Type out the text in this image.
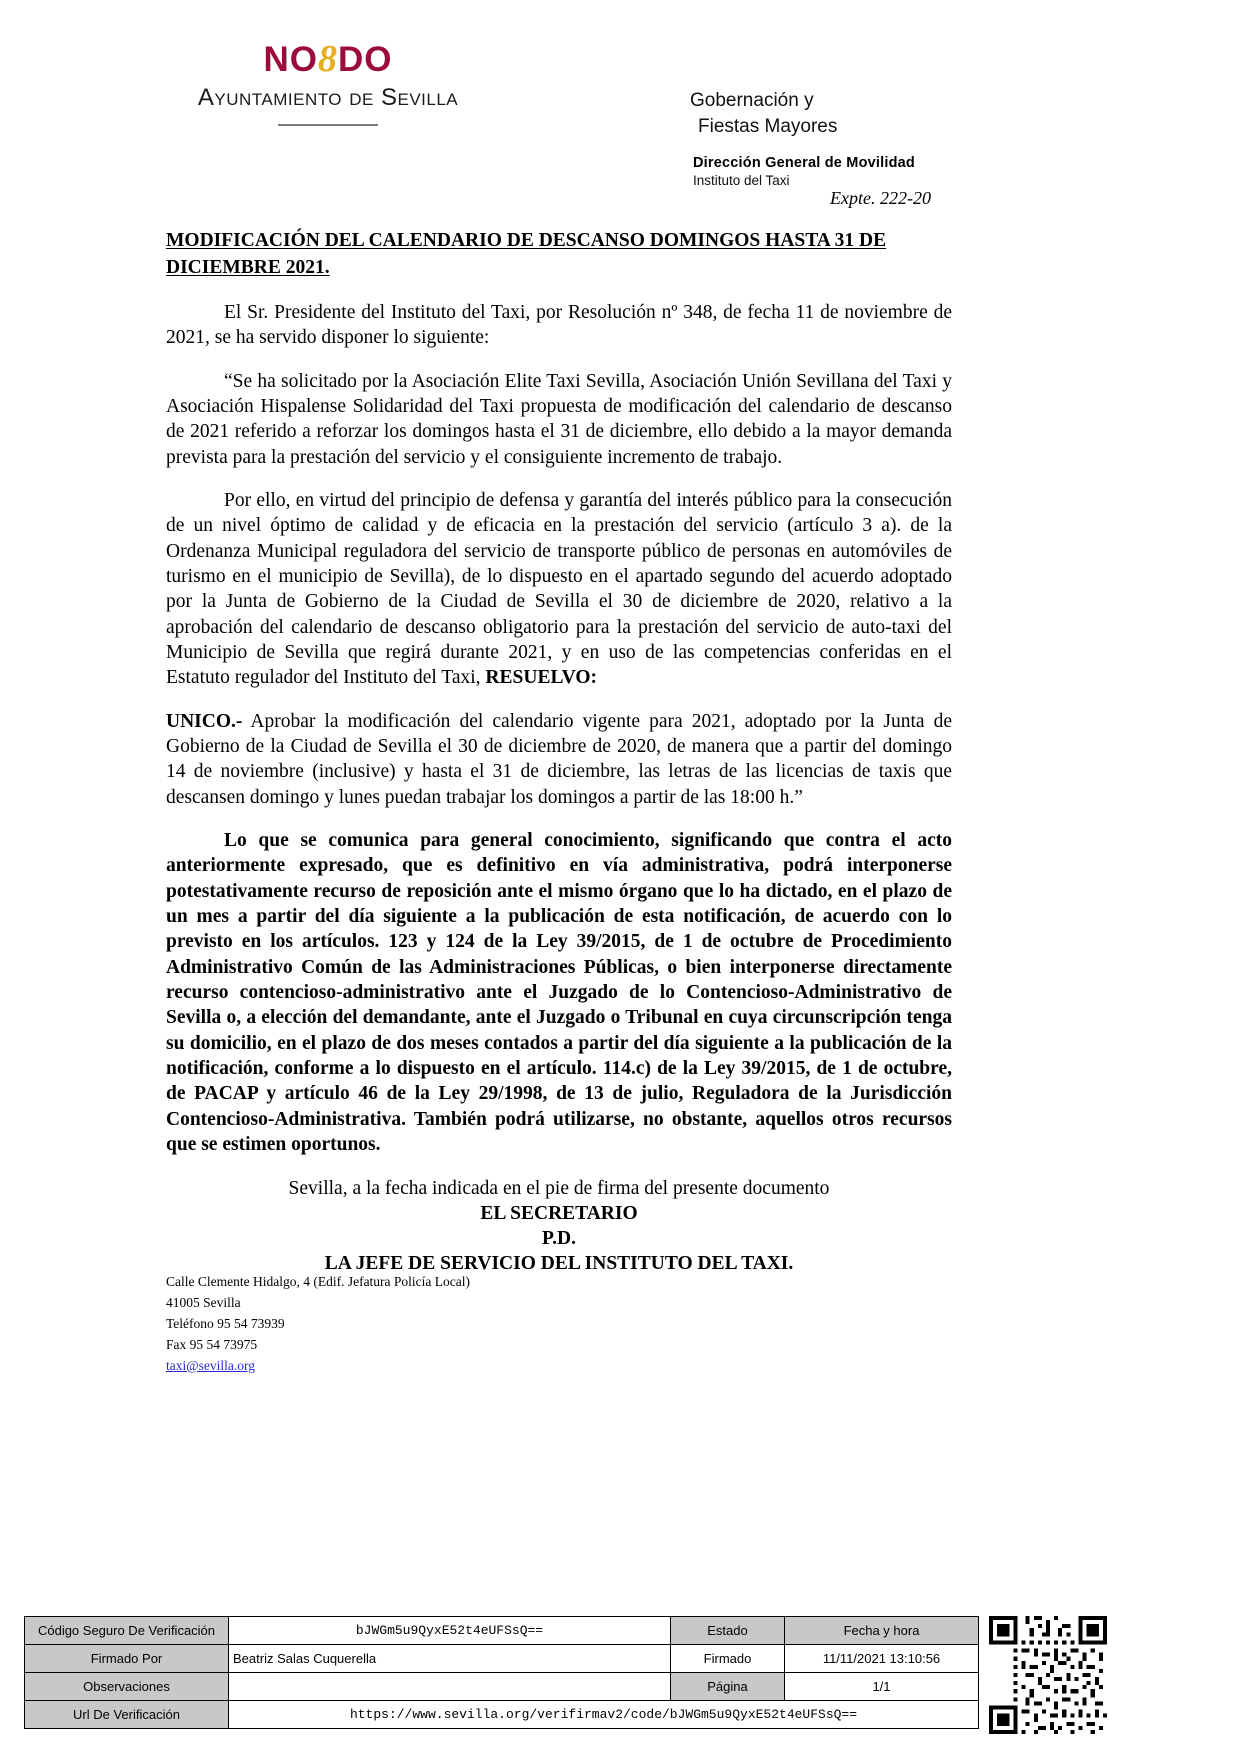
NO8DO
Ayuntamiento de Sevilla	Gobernación y
Fiestas Mayores
Dirección General de Movilidad
Instituto del Taxi
Expte. 222-20
MODIFICACIÓN DEL CALENDARIO DE DESCANSO DOMINGOS HASTA 31 DE DICIEMBRE 2021.

El Sr. Presidente del Instituto del Taxi, por Resolución nº 348, de fecha 11 de noviembre de 2021, se ha servido disponer lo siguiente:

“Se ha solicitado por la Asociación Elite Taxi Sevilla, Asociación Unión Sevillana del Taxi y Asociación Hispalense Solidaridad del Taxi propuesta de modificación del calendario de descanso de 2021 referido a reforzar los domingos hasta el 31 de diciembre, ello debido a la mayor demanda prevista para la prestación del servicio y el consiguiente incremento de trabajo.

Por ello, en virtud del principio de defensa y garantía del interés público para la consecución de un nivel óptimo de calidad y de eficacia en la prestación del servicio (artículo 3 a). de la Ordenanza Municipal reguladora del servicio de transporte público de personas en automóviles de turismo en el municipio de Sevilla), de lo dispuesto en el apartado segundo del acuerdo adoptado por la Junta de Gobierno de la Ciudad de Sevilla el 30 de diciembre de 2020, relativo a la aprobación del calendario de descanso obligatorio para la prestación del servicio de auto-taxi del Municipio de Sevilla que regirá durante 2021, y en uso de las competencias conferidas en el Estatuto regulador del Instituto del Taxi, RESUELVO:

UNICO.- Aprobar la modificación del calendario vigente para 2021, adoptado por la Junta de Gobierno de la Ciudad de Sevilla el 30 de diciembre de 2020, de manera que a partir del domingo 14 de noviembre (inclusive) y hasta el 31 de diciembre, las letras de las licencias de taxis que descansen domingo y lunes puedan trabajar los domingos a partir de las 18:00 h.”

Lo que se comunica para general conocimiento, significando que contra el acto anteriormente expresado, que es definitivo en vía administrativa, podrá interponerse potestativamente recurso de reposición ante el mismo órgano que lo ha dictado, en el plazo de un mes a partir del día siguiente a la publicación de esta notificación, de acuerdo con lo previsto en los artículos. 123 y 124 de la Ley 39/2015, de 1 de octubre de Procedimiento Administrativo Común de las Administraciones Públicas, o bien interponerse directamente recurso contencioso-administrativo ante el Juzgado de lo Contencioso-Administrativo de Sevilla o, a elección del demandante, ante el Juzgado o Tribunal en cuya circunscripción tenga su domicilio, en el plazo de dos meses contados a partir del día siguiente a la publicación de la notificación, conforme a lo dispuesto en el artículo. 114.c) de la Ley 39/2015, de 1 de octubre, de PACAP y artículo 46 de la Ley 29/1998, de 13 de julio, Reguladora de la Jurisdicción Contencioso-Administrativa. También podrá utilizarse, no obstante, aquellos otros recursos que se estimen oportunos.

Sevilla, a la fecha indicada en el pie de firma del presente documento
EL SECRETARIO
P.D.
LA JEFE DE SERVICIO DEL INSTITUTO DEL TAXI.
Calle Clemente Hidalgo, 4 (Edif. Jefatura Policía Local)
41005 Sevilla
Teléfono 95 54 73939
Fax 95 54 73975
taxi@sevilla.org
Código Seguro De Verificación	bJWGm5u9QyxE52t4eUFSsQ==	Estado	Fecha y hora
Firmado Por	Beatriz Salas Cuquerella	Firmado	11/11/2021 13:10:56
Observaciones		Página	1/1
Url De Verificación	https://www.sevilla.org/verifirmav2/code/bJWGm5u9QyxE52t4eUFSsQ==		
